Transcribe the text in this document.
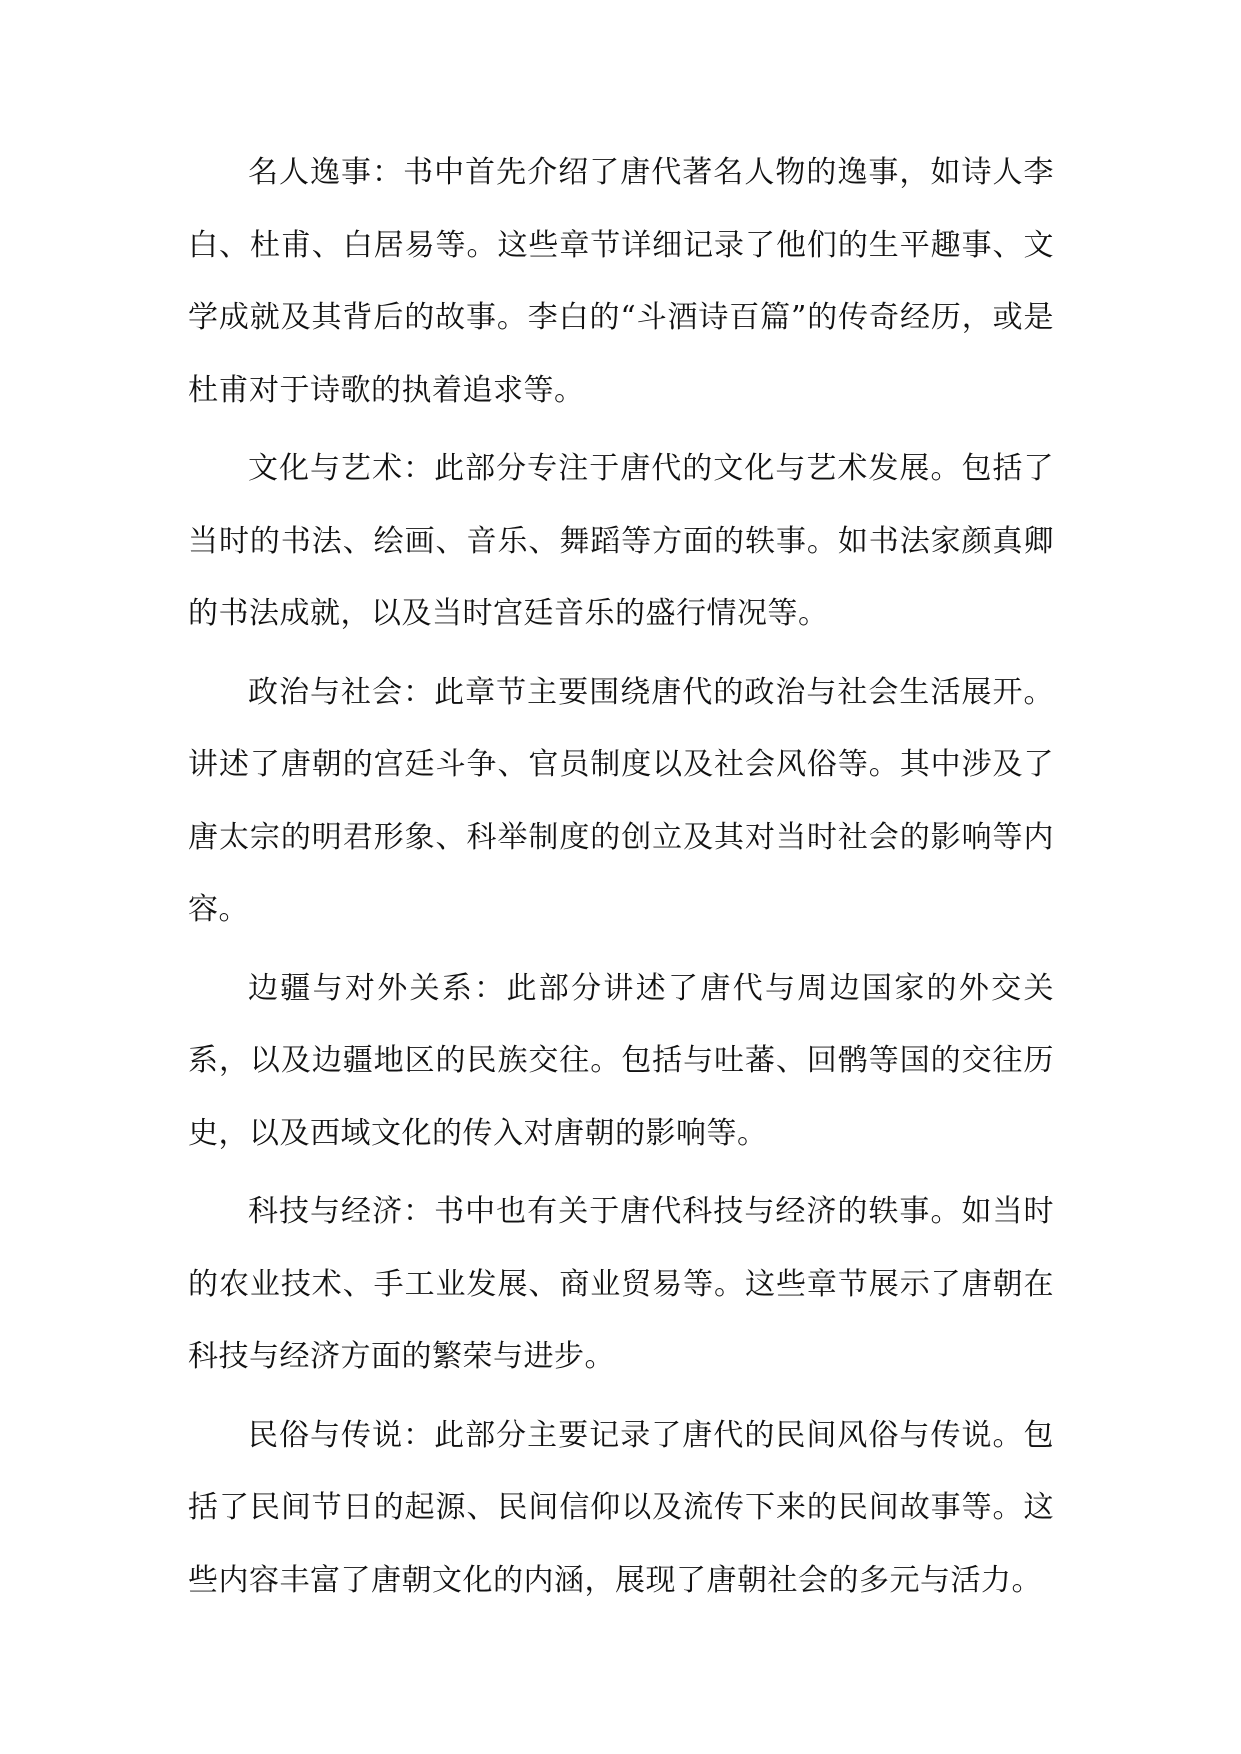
名人逸事：书中首先介绍了唐代著名人物的逸事，如诗人李白、杜甫、白居易等。这些章节详细记录了他们的生平趣事、文学成就及其背后的故事。李白的“斗酒诗百篇”的传奇经历，或是杜甫对于诗歌的执着追求等。

文化与艺术：此部分专注于唐代的文化与艺术发展。包括了当时的书法、绘画、音乐、舞蹈等方面的轶事。如书法家颜真卿的书法成就，以及当时宫廷音乐的盛行情况等。

政治与社会：此章节主要围绕唐代的政治与社会生活展开。讲述了唐朝的宫廷斗争、官员制度以及社会风俗等。其中涉及了唐太宗的明君形象、科举制度的创立及其对当时社会的影响等内容。

边疆与对外关系：此部分讲述了唐代与周边国家的外交关系，以及边疆地区的民族交往。包括与吐蕃、回鹘等国的交往历史，以及西域文化的传入对唐朝的影响等。

科技与经济：书中也有关于唐代科技与经济的轶事。如当时的农业技术、手工业发展、商业贸易等。这些章节展示了唐朝在科技与经济方面的繁荣与进步。

民俗与传说：此部分主要记录了唐代的民间风俗与传说。包括了民间节日的起源、民间信仰以及流传下来的民间故事等。这些内容丰富了唐朝文化的内涵，展现了唐朝社会的多元与活力。
